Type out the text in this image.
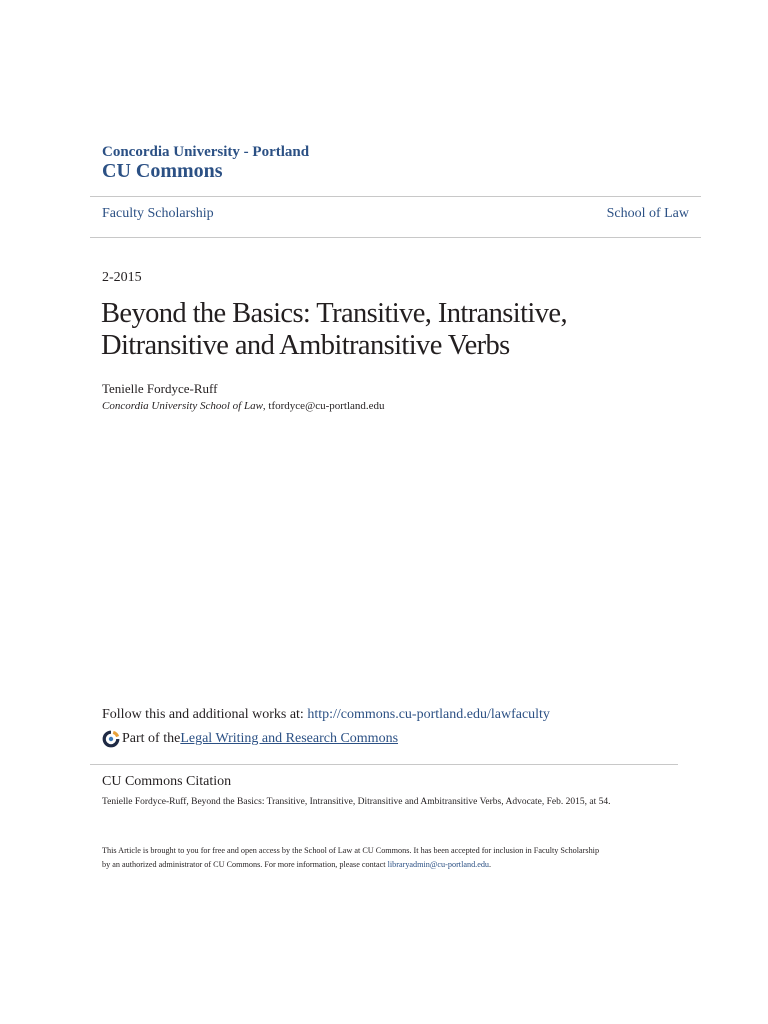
Concordia University - Portland
CU Commons
Faculty Scholarship	School of Law
2-2015
Beyond the Basics: Transitive, Intransitive,
Ditransitive and Ambitransitive Verbs
Tenielle Fordyce-Ruff
Concordia University School of Law, tfordyce@cu-portland.edu
Follow this and additional works at: http://commons.cu-portland.edu/lawfaculty
Part of the Legal Writing and Research Commons
CU Commons Citation
Tenielle Fordyce-Ruff, Beyond the Basics: Transitive, Intransitive, Ditransitive and Ambitransitive Verbs, Advocate, Feb. 2015, at 54.
This Article is brought to you for free and open access by the School of Law at CU Commons. It has been accepted for inclusion in Faculty Scholarship
by an authorized administrator of CU Commons. For more information, please contact libraryadmin@cu-portland.edu.
